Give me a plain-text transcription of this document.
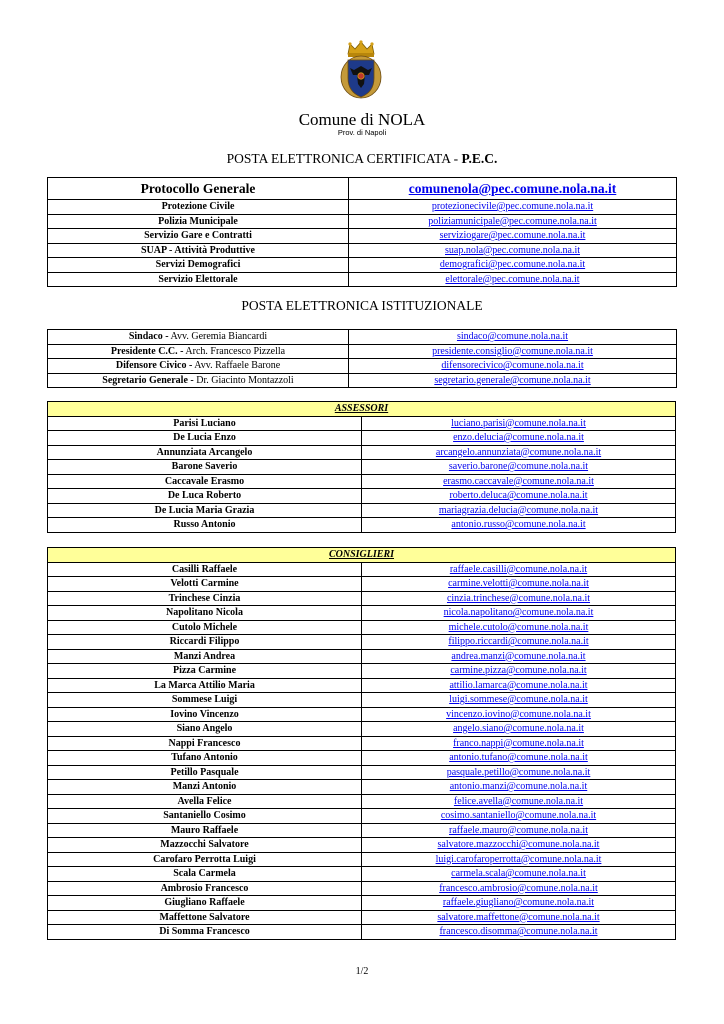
Comune di NOLA
Prov. di Napoli
POSTA ELETTRONICA CERTIFICATA - P.E.C.
Protocollo Generale	comunenola@pec.comune.nola.na.it
Protezione Civile	protezionecivile@pec.comune.nola.na.it
Polizia Municipale	poliziamunicipale@pec.comune.nola.na.it
Servizio Gare e Contratti	serviziogare@pec.comune.nola.na.it
SUAP - Attività Produttive	suap.nola@pec.comune.nola.na.it
Servizi Demografici	demografici@pec.comune.nola.na.it
Servizio Elettorale	elettorale@pec.comune.nola.na.it
POSTA ELETTRONICA ISTITUZIONALE
Sindaco - Avv. Geremia Biancardi	sindaco@comune.nola.na.it
Presidente C.C. - Arch. Francesco Pizzella	presidente.consiglio@comune.nola.na.it
Difensore Civico - Avv. Raffaele Barone	difensorecivico@comune.nola.na.it
Segretario Generale - Dr. Giacinto Montazzoli	segretario.generale@comune.nola.na.it
ASSESSORI	
Parisi Luciano	luciano.parisi@comune.nola.na.it
De Lucia Enzo	enzo.delucia@comune.nola.na.it
Annunziata Arcangelo	arcangelo.annunziata@comune.nola.na.it
Barone Saverio	saverio.barone@comune.nola.na.it
Caccavale Erasmo	erasmo.caccavale@comune.nola.na.it
De Luca Roberto	roberto.deluca@comune.nola.na.it
De Lucia Maria Grazia	mariagrazia.delucia@comune.nola.na.it
Russo Antonio	antonio.russo@comune.nola.na.it
CONSIGLIERI	
Casilli Raffaele	raffaele.casilli@comune.nola.na.it
Velotti Carmine	carmine.velotti@comune.nola.na.it
Trinchese Cinzia	cinzia.trinchese@comune.nola.na.it
Napolitano Nicola	nicola.napolitano@comune.nola.na.it
Cutolo Michele	michele.cutolo@comune.nola.na.it
Riccardi Filippo	filippo.riccardi@comune.nola.na.it
Manzi Andrea	andrea.manzi@comune.nola.na.it
Pizza Carmine	carmine.pizza@comune.nola.na.it
La Marca Attilio Maria	attilio.lamarca@comune.nola.na.it
Sommese Luigi	luigi.sommese@comune.nola.na.it
Iovino Vincenzo	vincenzo.iovino@comune.nola.na.it
Siano Angelo	angelo.siano@comune.nola.na.it
Nappi Francesco	franco.nappi@comune.nola.na.it
Tufano Antonio	antonio.tufano@comune.nola.na.it
Petillo Pasquale	pasquale.petillo@comune.nola.na.it
Manzi Antonio	antonio.manzi@comune.nola.na.it
Avella Felice	felice.avella@comune.nola.na.it
Santaniello Cosimo	cosimo.santaniello@comune.nola.na.it
Mauro Raffaele	raffaele.mauro@comune.nola.na.it
Mazzocchi Salvatore	salvatore.mazzocchi@comune.nola.na.it
Carofaro Perrotta Luigi	luigi.carofaroperrotta@comune.nola.na.it
Scala Carmela	carmela.scala@comune.nola.na.it
Ambrosio Francesco	francesco.ambrosio@comune.nola.na.it
Giugliano Raffaele	raffaele.giugliano@comune.nola.na.it
Maffettone Salvatore	salvatore.maffettone@comune.nola.na.it
Di Somma Francesco	francesco.disomma@comune.nola.na.it
1/2
